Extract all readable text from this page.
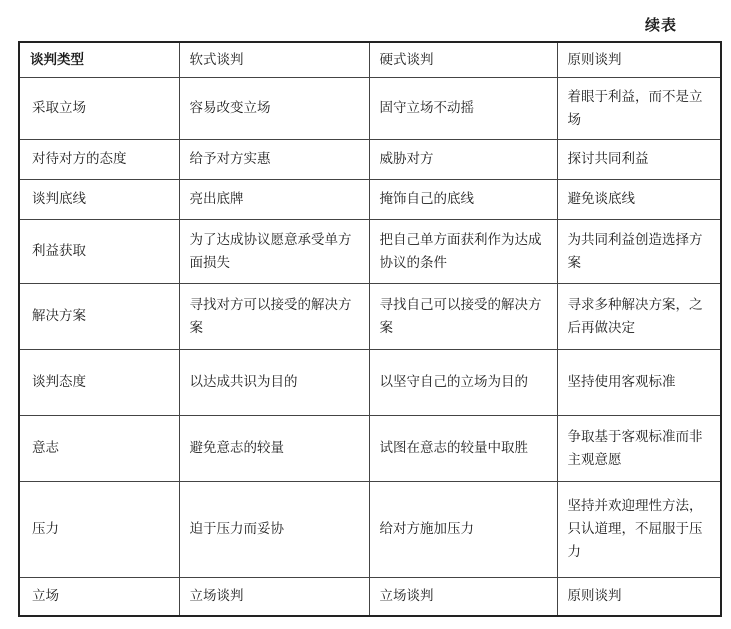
续表
谈判类型	软式谈判	硬式谈判	原则谈判
采取立场	容易改变立场	固守立场不动摇	着眼于利益，而不是立场
对待对方的态度	给予对方实惠	威胁对方	探讨共同利益
谈判底线	亮出底牌	掩饰自己的底线	避免谈底线
利益获取	为了达成协议愿意承受单方面损失	把自己单方面获利作为达成协议的条件	为共同利益创造选择方案
解决方案	寻找对方可以接受的解决方案	寻找自己可以接受的解决方案	寻求多种解决方案，之后再做决定
谈判态度	以达成共识为目的	以坚守自己的立场为目的	坚持使用客观标准
意志	避免意志的较量	试图在意志的较量中取胜	争取基于客观标准而非主观意愿
压力	迫于压力而妥协	给对方施加压力	坚持并欢迎理性方法，只认道理，不屈服于压力
立场	立场谈判	立场谈判	原则谈判
